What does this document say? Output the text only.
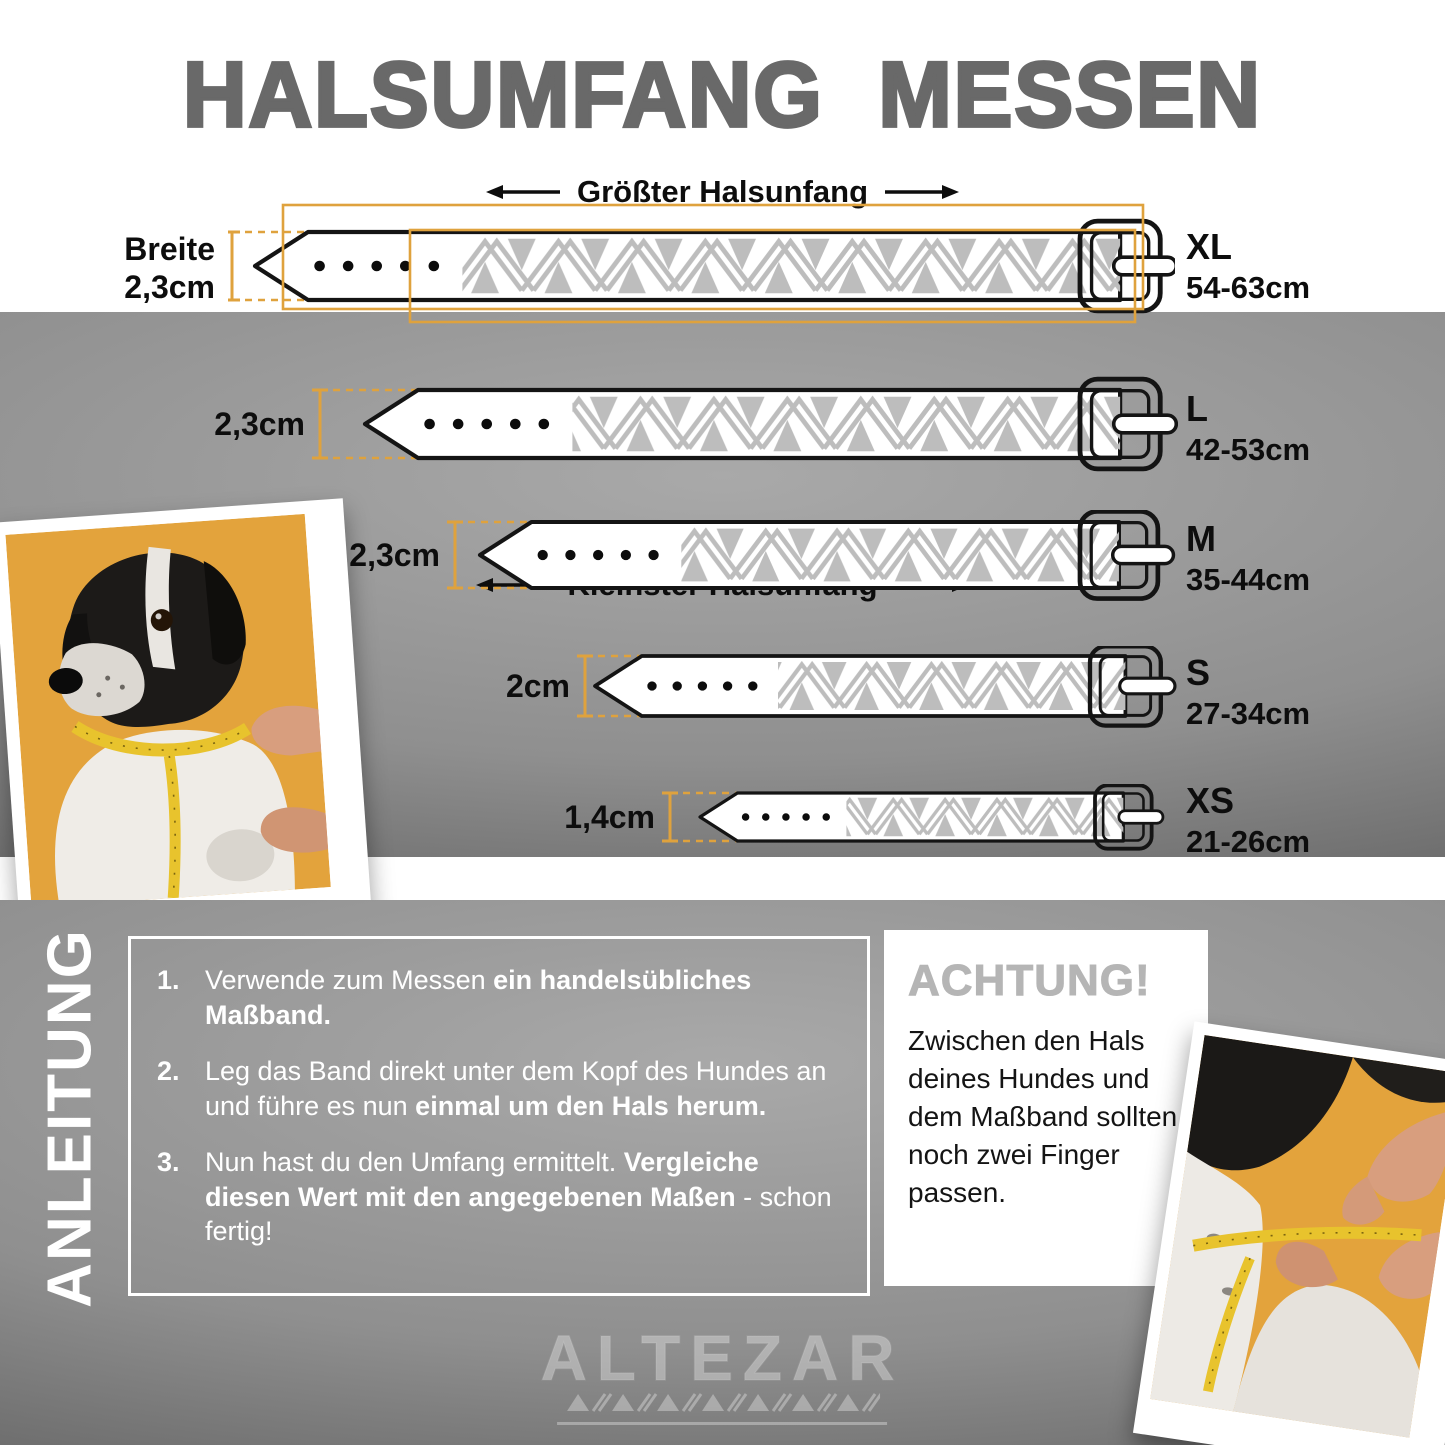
HALSUMFANG MESSEN
Größter Halsunfang
Breite
2,3cm
2,3cm
2,3cm
2cm
1,4cm
XL
54-63cm
L
42-53cm
M
35-44cm
S
27-34cm
XS
21-26cm
ANLEITUNG 1. Verwende zum Messen ein handelsübliches Maßband.
2. Leg das Band direkt unter dem Kopf des Hundes an und führe es nun einmal um den Hals herum.
3. Nun hast du den Umfang ermittelt. Vergleiche diesen Wert mit den angegebenen Maßen - schon fertig!
ACHTUNG!

Zwischen den Hals deines Hundes und dem Maßband sollten noch zwei Finger passen.

ALTEZAR
